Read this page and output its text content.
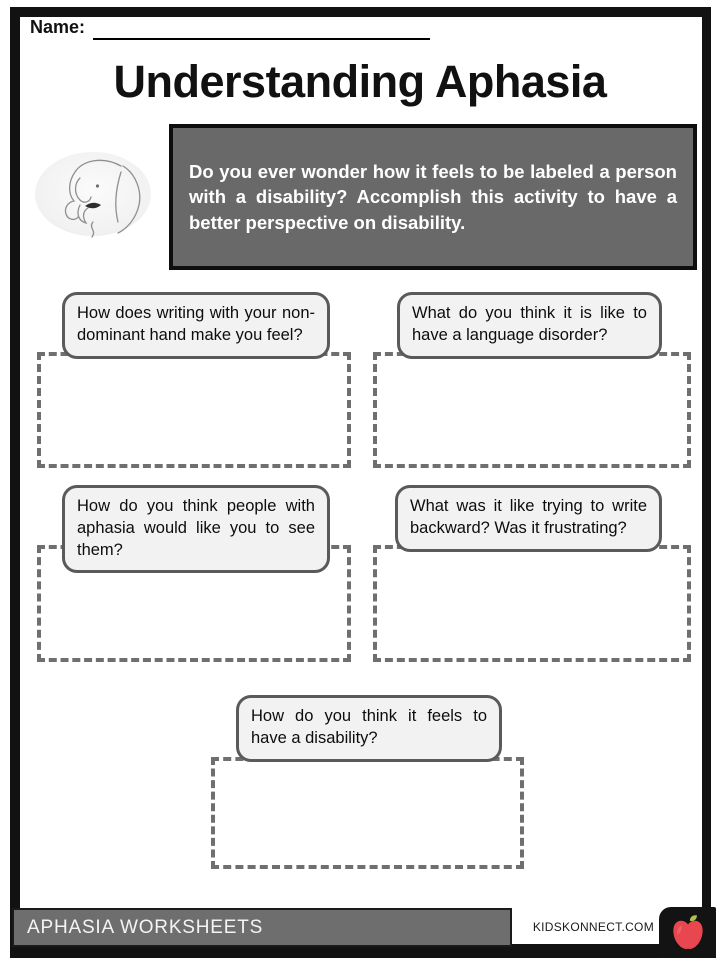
Name:
Understanding Aphasia

Do you ever wonder how it feels to be labeled a person with a disability? Accomplish this activity to have a better perspective on disability.

How does writing with your non-dominant hand make you feel?
What do you think it is like to have a language disorder?
How do you think people with aphasia would like you to see them?
What was it like trying to write backward? Was it frustrating?
How do you think it feels to have a disability?
APHASIA WORKSHEETS	KIDSKONNECT.COM
